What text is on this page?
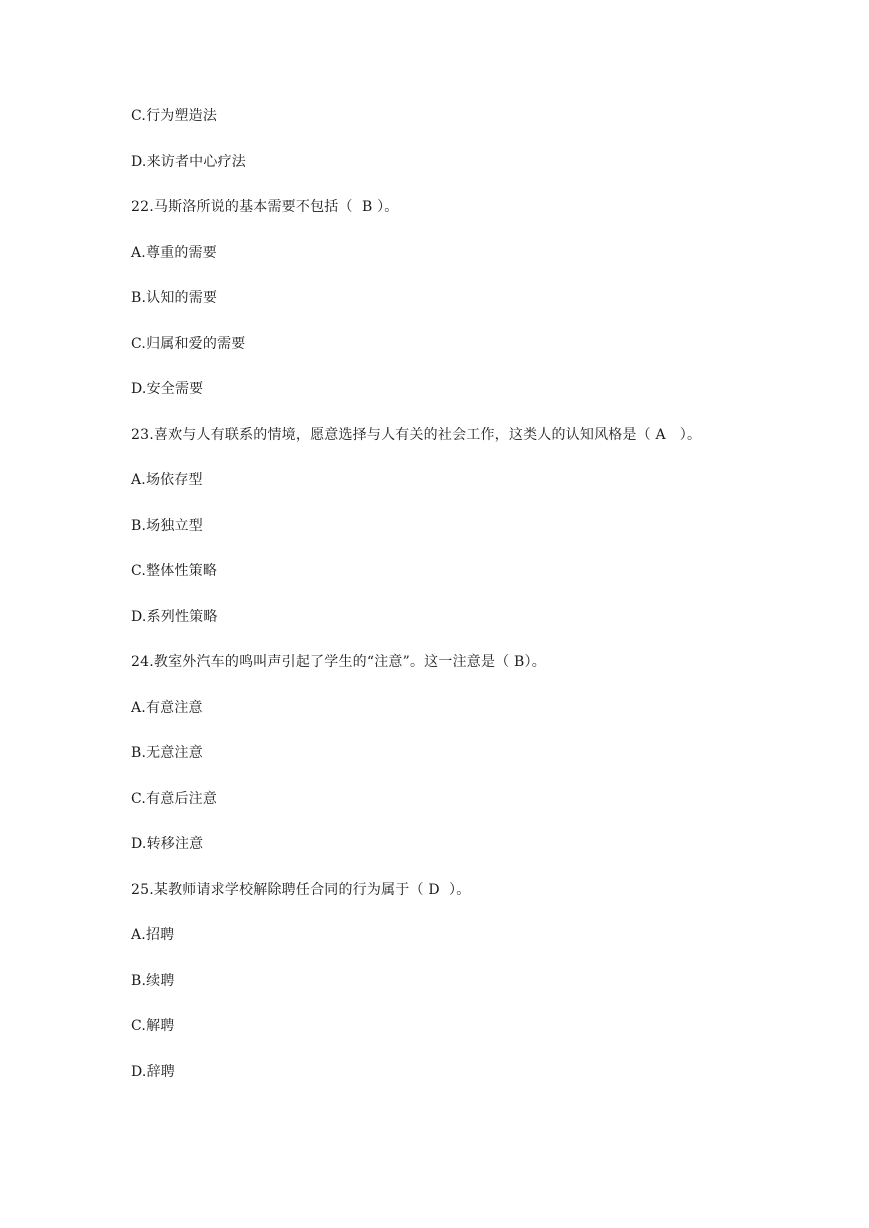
C.行为塑造法
D.来访者中心疗法
22.马斯洛所说的基本需要不包括（  B ）。
A.尊重的需要
B.认知的需要
C.归属和爱的需要
D.安全需要
23.喜欢与人有联系的情境，愿意选择与人有关的社会工作，这类人的认知风格是（ A   ）。
A.场依存型
B.场独立型
C.整体性策略
D.系列性策略
24.教室外汽车的鸣叫声引起了学生的“注意”。这一注意是（ B）。
A.有意注意
B.无意注意
C.有意后注意
D.转移注意
25.某教师请求学校解除聘任合同的行为属于（ D  ）。
A.招聘
B.续聘
C.解聘
D.辞聘
